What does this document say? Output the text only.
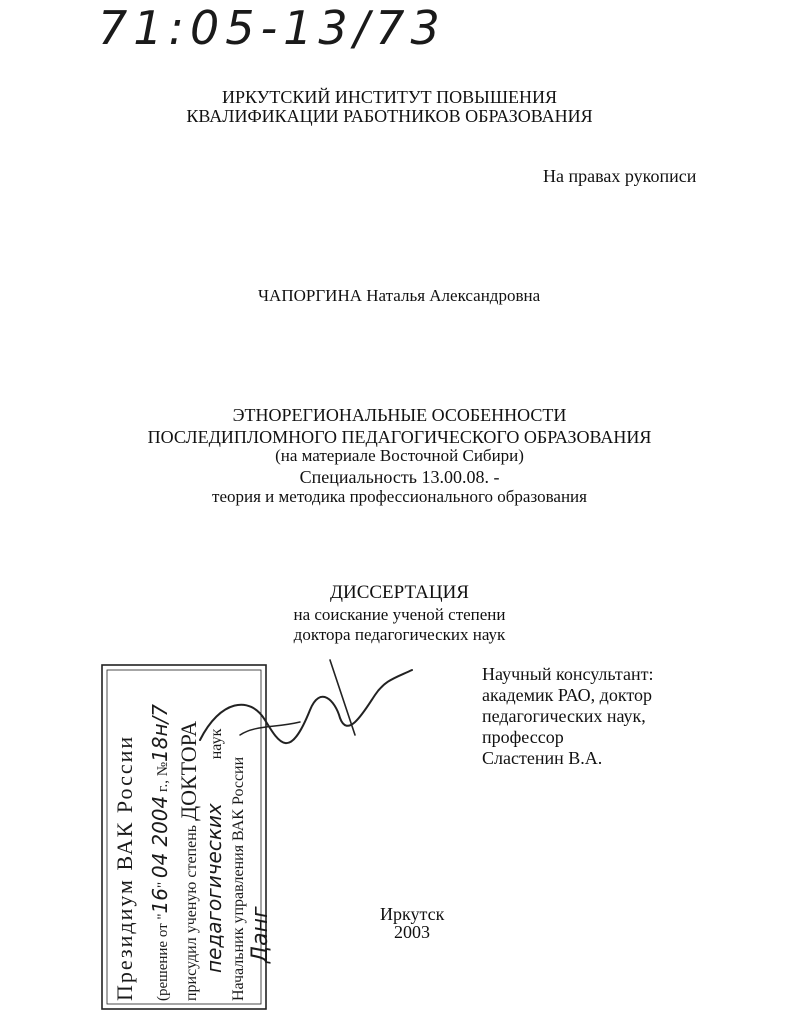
71:05-13/73
ИРКУТСКИЙ ИНСТИТУТ ПОВЫШЕНИЯ
КВАЛИФИКАЦИИ РАБОТНИКОВ ОБРАЗОВАНИЯ
На правах рукописи
ЧАПОРГИНА Наталья Александровна
ЭТНОРЕГИОНАЛЬНЫЕ ОСОБЕННОСТИ
ПОСЛЕДИПЛОМНОГО ПЕДАГОГИЧЕСКОГО ОБРАЗОВАНИЯ
(на материале Восточной Сибири)
Специальность 13.00.08. -
теория и методика профессионального образования
ДИССЕРТАЦИЯ
на соискание ученой степени
доктора педагогических наук
Научный консультант:
академик РАО, доктор
педагогических наук,
профессор
Сластенин В.А.
Иркутск
2003
Президиум ВАК России	(решение от "16" 042004 г., №18н/7
присудил ученую степень ДОКТОРА
педагогических наук
Начальник управления ВАК России Данг
